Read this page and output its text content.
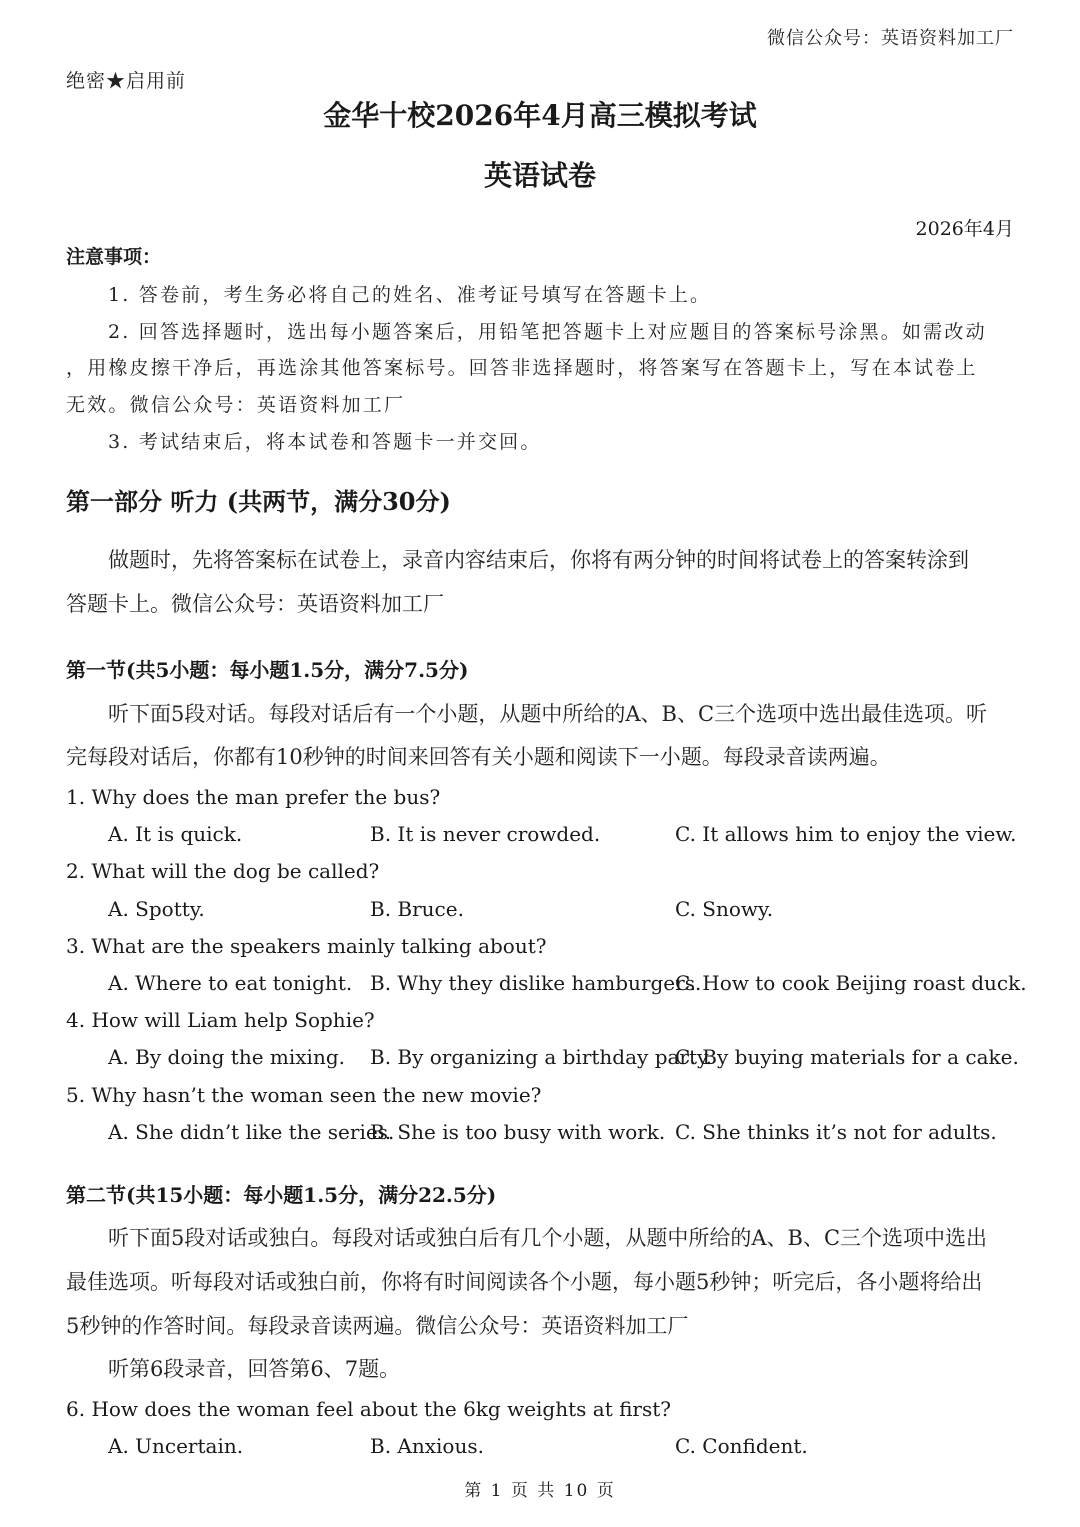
微信公众号：英语资料加工厂
绝密★启用前
金华十校2026年4月高三模拟考试
英语试卷
2026年4月
注意事项：
1. 答卷前，考生务必将自己的姓名、准考证号填写在答题卡上。
2. 回答选择题时，选出每小题答案后，用铅笔把答题卡上对应题目的答案标号涂黑。如需改动
，用橡皮擦干净后，再选涂其他答案标号。回答非选择题时，将答案写在答题卡上，写在本试卷上
无效。微信公众号：英语资料加工厂
3. 考试结束后，将本试卷和答题卡一并交回。
第一部分 听力 (共两节，满分30分)
做题时，先将答案标在试卷上，录音内容结束后，你将有两分钟的时间将试卷上的答案转涂到
答题卡上。微信公众号：英语资料加工厂
第一节(共5小题：每小题1.5分，满分7.5分)
听下面5段对话。每段对话后有一个小题，从题中所给的A、B、C三个选项中选出最佳选项。听
完每段对话后，你都有10秒钟的时间来回答有关小题和阅读下一小题。每段录音读两遍。
1. Why does the man prefer the bus?
A. It is quick.	B. It is never crowded.	C. It allows him to enjoy the view.
2. What will the dog be called?
A. Spotty.	B. Bruce.	C. Snowy.
3. What are the speakers mainly talking about?
A. Where to eat tonight. B. Why they dislike hamburgers.
C. How to cook Beijing roast duck.
4. How will Liam help Sophie?
A. By doing the mixing. B. By organizing a birthday party.
C. By buying materials for a cake.
5. Why hasn’t the woman seen the new movie?
A. She didn’t like the series.
B. She is too busy with work. C. She thinks it’s not for adults.
第二节(共15小题：每小题1.5分，满分22.5分)
听下面5段对话或独白。每段对话或独白后有几个小题，从题中所给的A、B、C三个选项中选出
最佳选项。听每段对话或独白前，你将有时间阅读各个小题，每小题5秒钟；听完后，各小题将给出
5秒钟的作答时间。每段录音读两遍。微信公众号：英语资料加工厂
听第6段录音，回答第6、7题。
6. How does the woman feel about the 6kg weights at first?
A. Uncertain.	B. Anxious.	C. Confident.
第 1 页 共 10 页
